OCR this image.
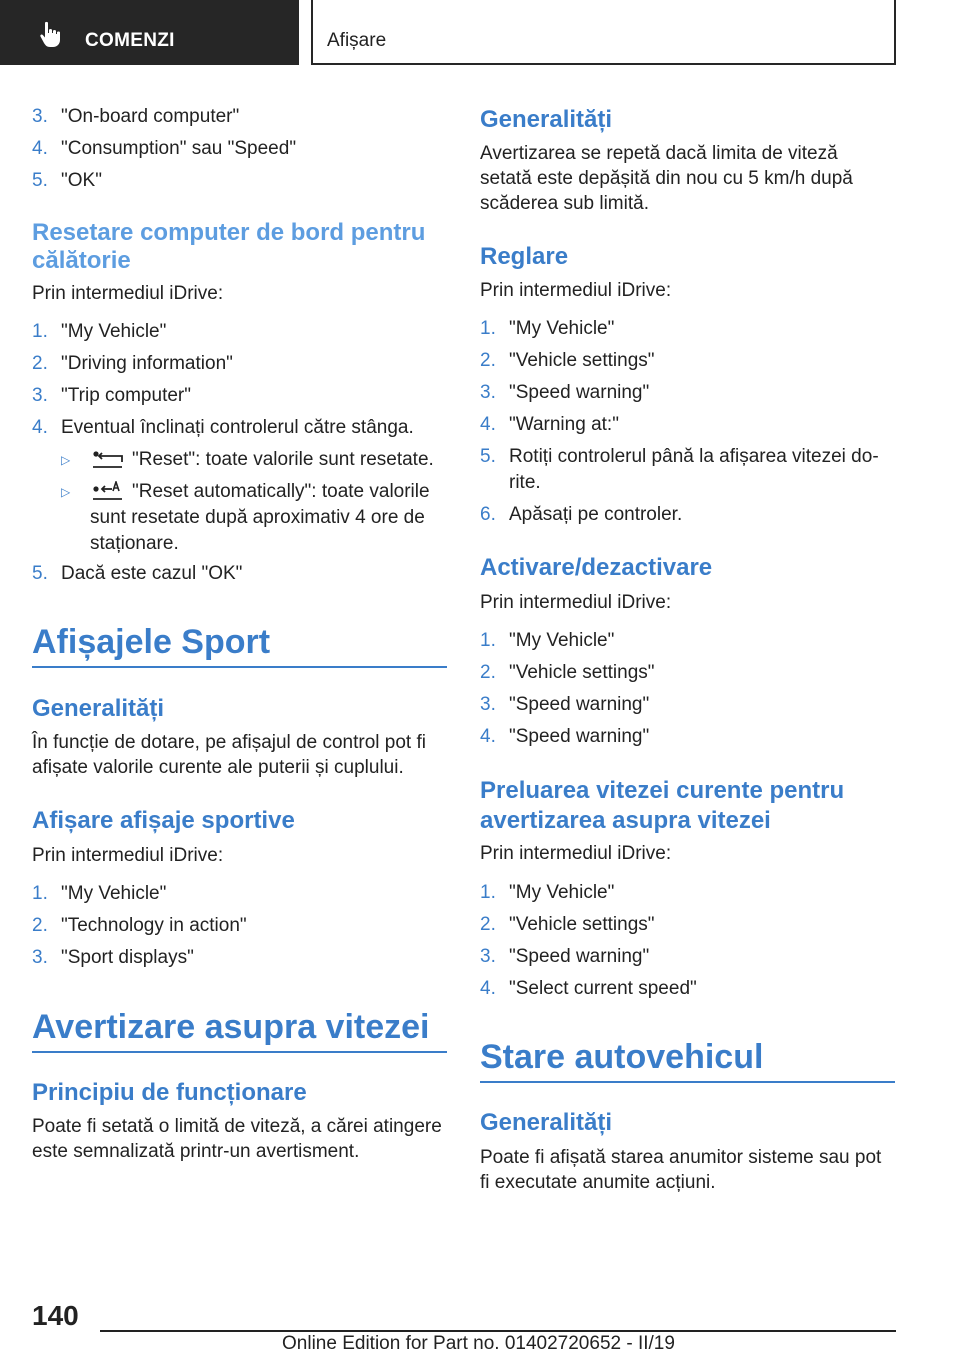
COMENZI	Afișare
3. "On-board computer"
4. "Consumption" sau "Speed"
5. "OK"
Resetare computer de bord pentru călătorie
Prin intermediul iDrive:
1. "My Vehicle"
2. "Driving information"
3. "Trip computer"
4. Eventual înclinați controlerul către stânga.
▷	"Reset": toate valorile sunt resetate.
▷	"Reset automatically": toate valorile sunt resetate după aproximativ 4 ore de staționare.
5. Dacă este cazul "OK"
Afișajele Sport
Generalități
În funcție de dotare, pe afișajul de control pot fi afișate valorile curente ale puterii și cuplului.
Afișare afișaje sportive
Prin intermediul iDrive:
1. "My Vehicle"
2. "Technology in action"
3. "Sport displays"
Avertizare asupra vitezei
Principiu de funcționare
Poate fi setată o limită de viteză, a cărei atingere este semnalizată printr-un avertisment.
Generalități
Avertizarea se repetă dacă limita de viteză setată este depășită din nou cu 5 km/h după scăderea sub limită.
Reglare
Prin intermediul iDrive:
1. "My Vehicle"
2. "Vehicle settings"
3. "Speed warning"
4. "Warning at:"
5. Rotiți controlerul până la afișarea vitezei dorite.
6. Apăsați pe controler.
Activare/dezactivare
Prin intermediul iDrive:
1. "My Vehicle"
2. "Vehicle settings"
3. "Speed warning"
4. "Speed warning"
Preluarea vitezei curente pentru avertizarea asupra vitezei
Prin intermediul iDrive:
1. "My Vehicle"
2. "Vehicle settings"
3. "Speed warning"
4. "Select current speed"
Stare autovehicul
Generalități
Poate fi afișată starea anumitor sisteme sau pot fi executate anumite acțiuni.
140
Online Edition for Part no. 01402720652 - II/19
